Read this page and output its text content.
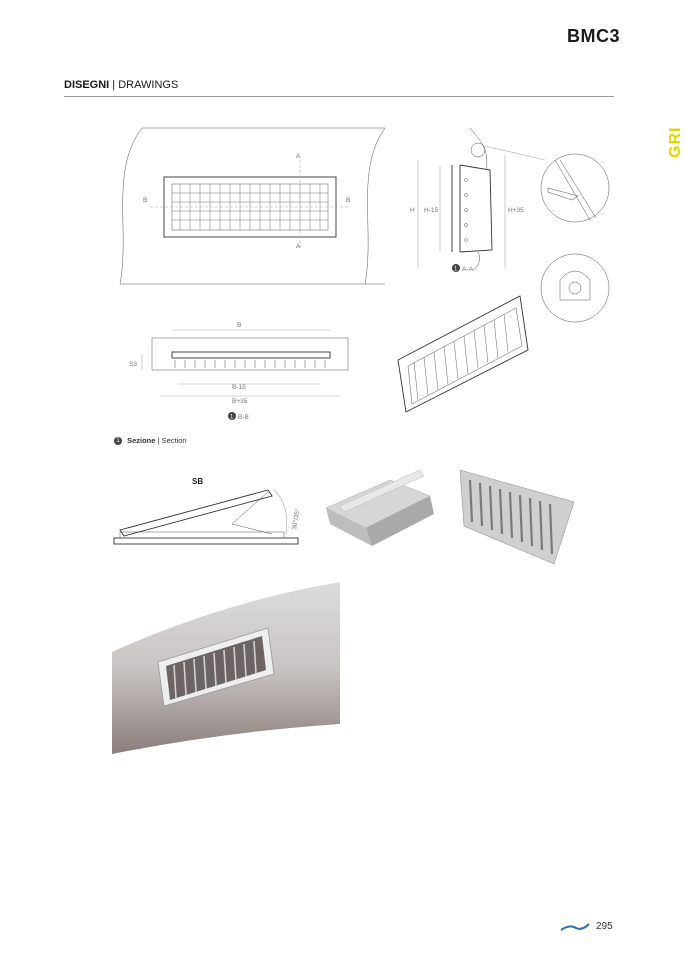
BMC3
DISEGNI | DRAWINGS
GRI
A
A
B	B
H H-15	H+35
1 A-A
B
S3
B-15
B+35
1 B-B
SB
30°/35°
1 Sezione | Section
295
